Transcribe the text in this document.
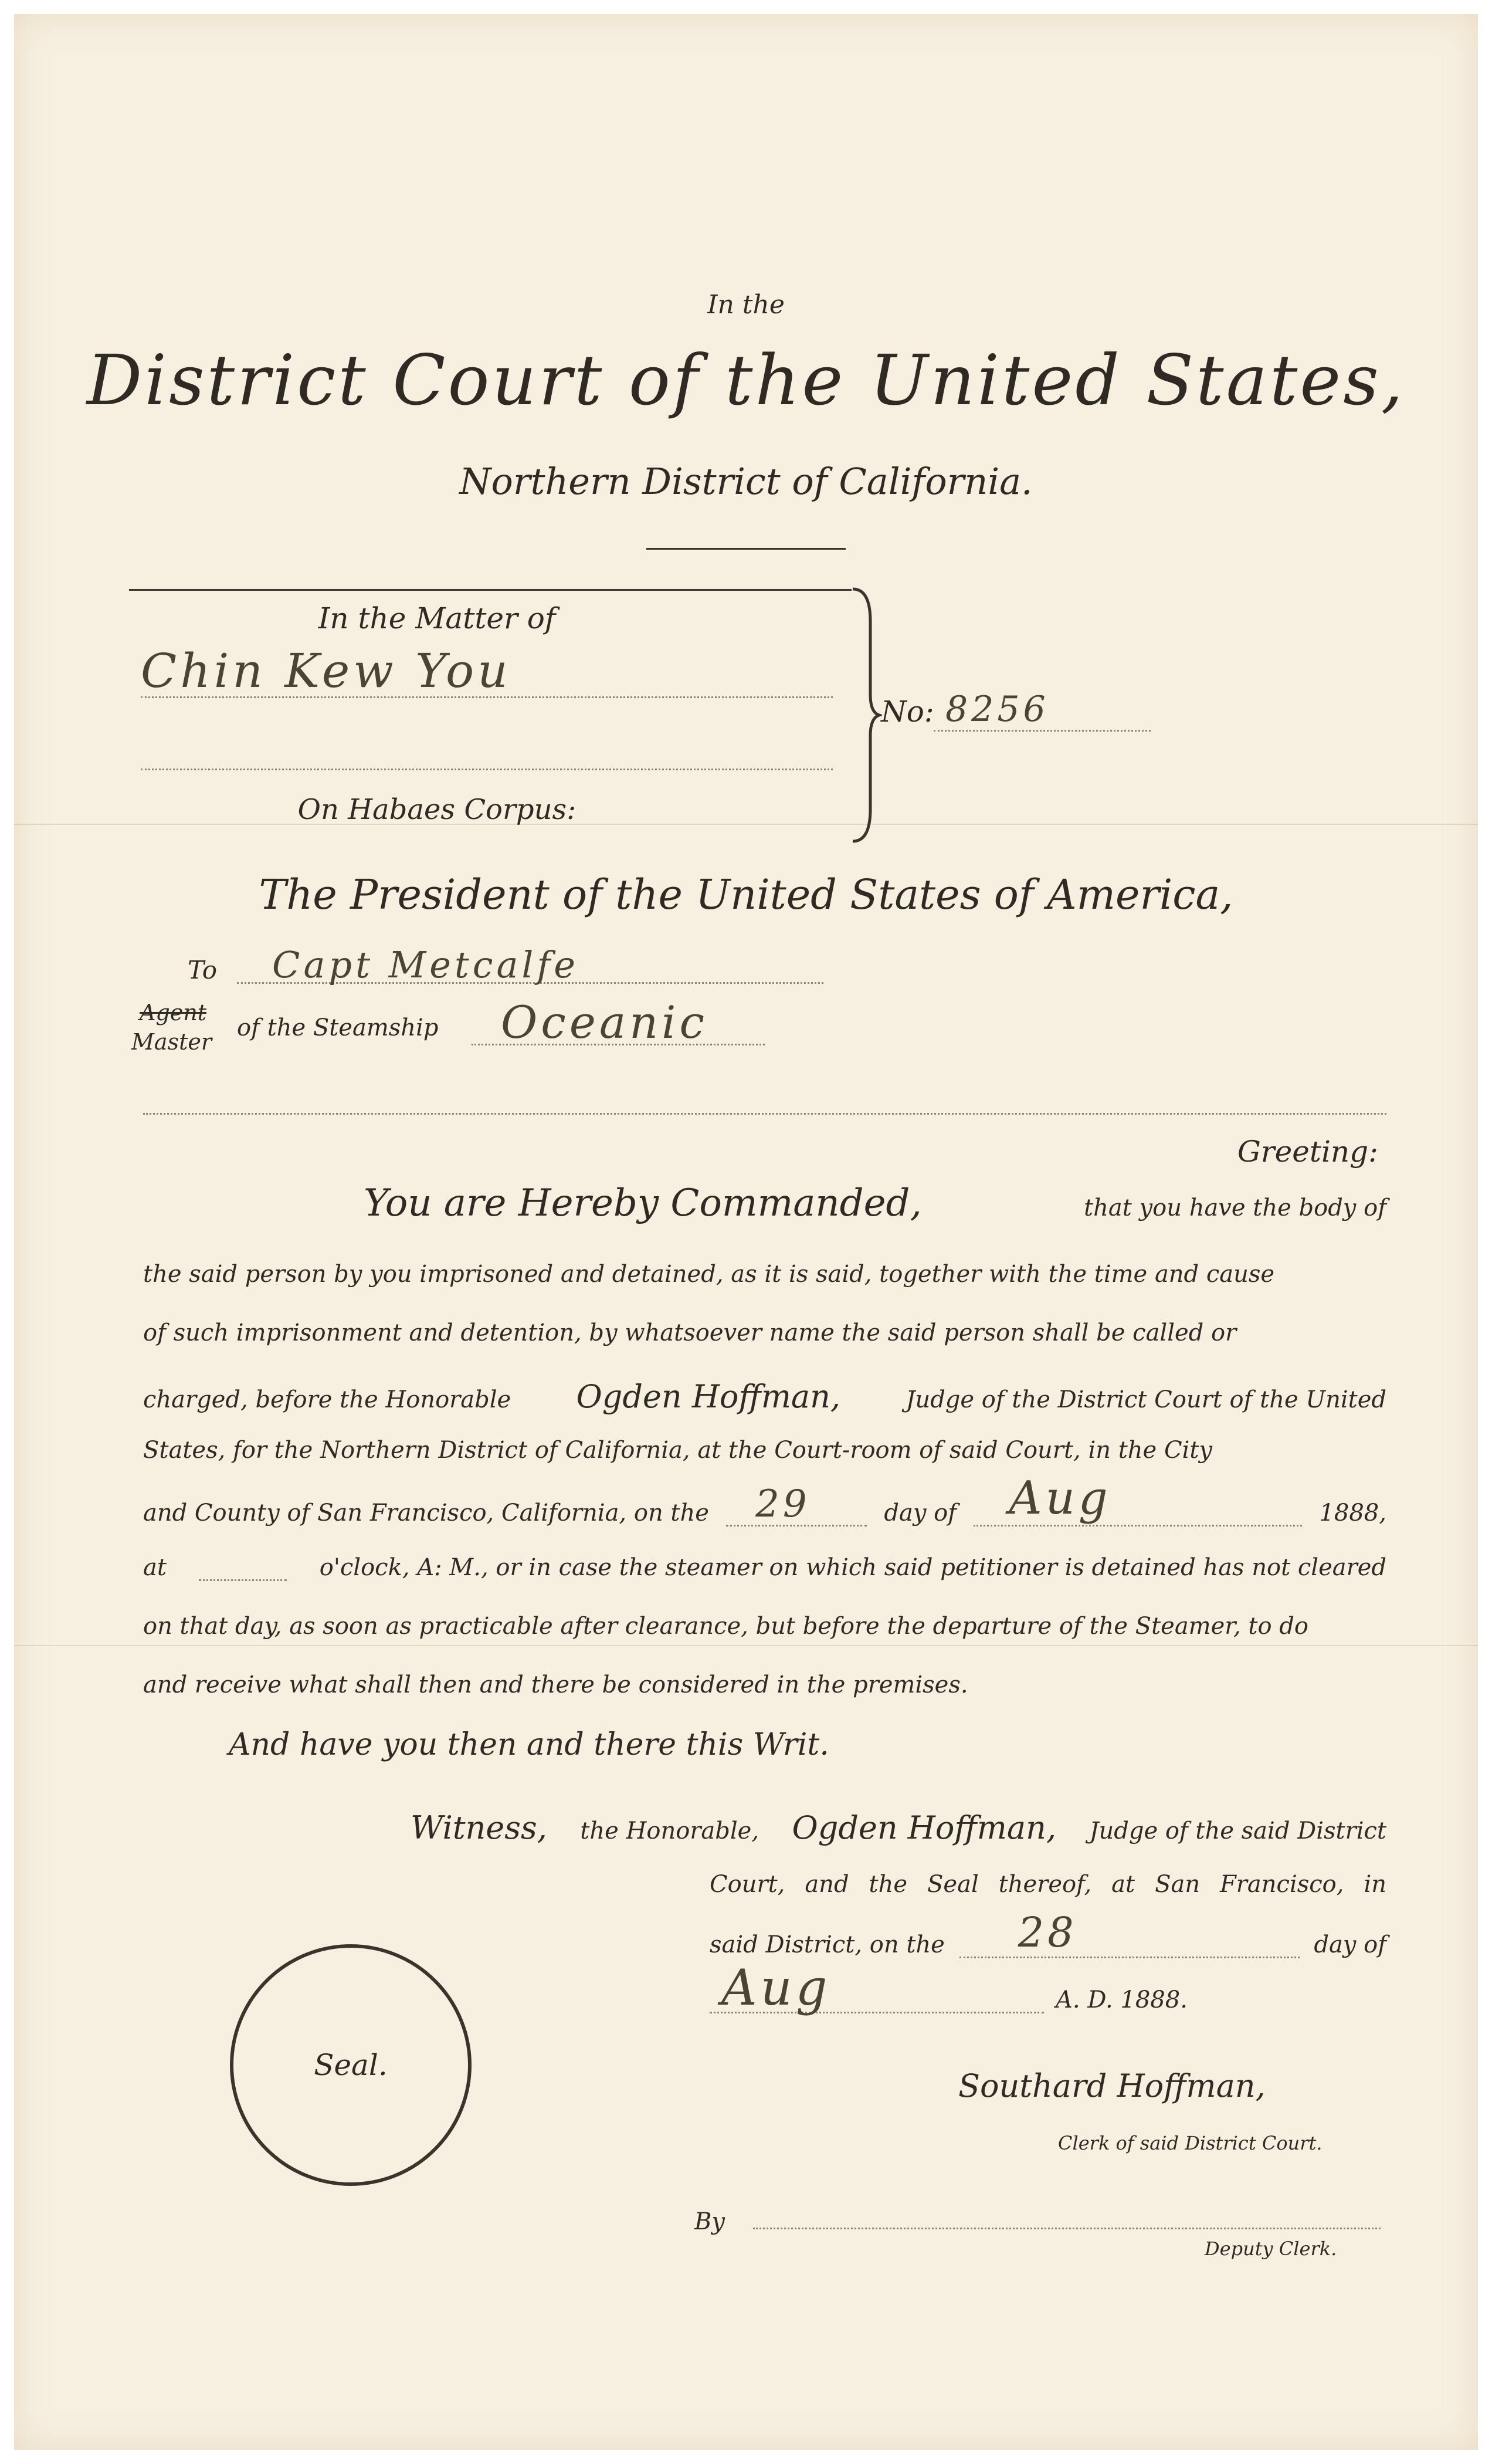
In the
District Court of the United States,
Northern District of California.
In the Matter of
Chin Kew You
On Habaes Corpus:
No: 8256
The President of the United States of America,
To Capt Metcalfe
Agent
Master
of the Steamship Oceanic
Greeting:
You are Hereby Commanded,	that you have the body of
the said person by you imprisoned and detained, as it is said, together with the time and cause
of such imprisonment and detention, by whatsoever name the said person shall be called or
charged, before the Honorable Ogden Hoffman,	Judge of the District Court of the United
States, for the Northern District of California, at the Court-room of said Court, in the City
and County of San Francisco, California, on the 29	day of Aug	1888,
at	o'clock, A: M., or in case the steamer on which said petitioner is detained has not cleared
on that day, as soon as practicable after clearance, but before the departure of the Steamer, to do
and receive what shall then and there be considered in the premises.
And have you then and there this Writ.
Witness, the Honorable, Ogden Hoffman, Judge of the said District
Court, and the Seal thereof, at San Francisco, in
said District, on the 28	day of
Aug	A. D. 1888.
Seal.
Southard Hoffman,
Clerk of said District Court.
By
Deputy Clerk.
